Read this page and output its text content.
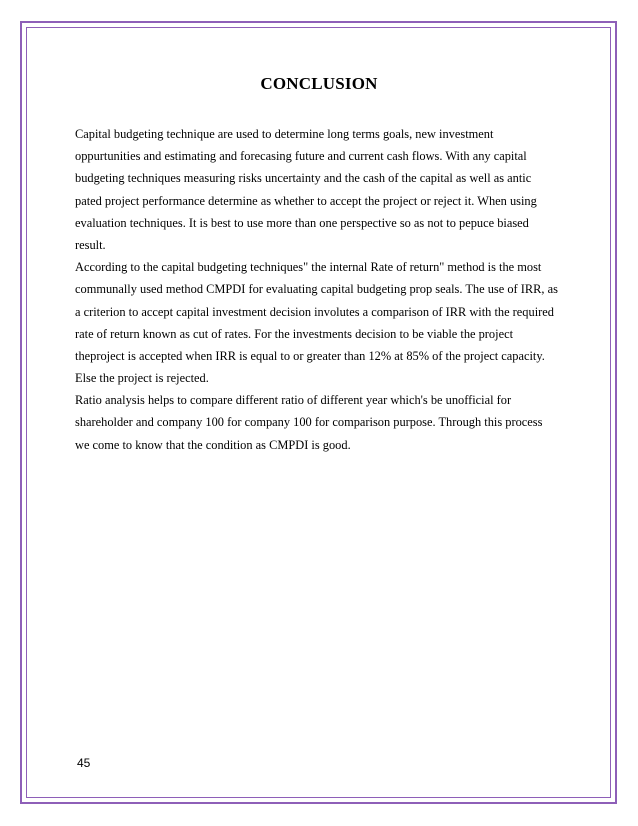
CONCLUSION
Capital budgeting technique are used to determine long terms goals, new investment
oppurtunities and estimating and forecasing future and current cash flows. With any capital
budgeting techniques measuring risks uncertainty and the cash of the capital as well as antic
pated project performance determine as whether to accept the project or reject it. When using
evaluation techniques. It is best to use more than one perspective so as not to pepuce biased
result.
According to the capital budgeting techniques" the internal Rate of return" method is the most
communally used method CMPDI for evaluating capital budgeting prop seals. The use of IRR, as
a criterion to accept capital investment decision involutes a comparison of IRR with the required
rate of return known as cut of rates. For the investments decision to be viable the project
theproject is accepted when IRR is equal to or greater than 12% at 85% of the project capacity.
Else the project is rejected.
Ratio analysis helps to compare different ratio of different year which's be unofficial for
shareholder and company 100 for company 100 for comparison purpose. Through this process
we come to know that the condition as CMPDI is good.
45
